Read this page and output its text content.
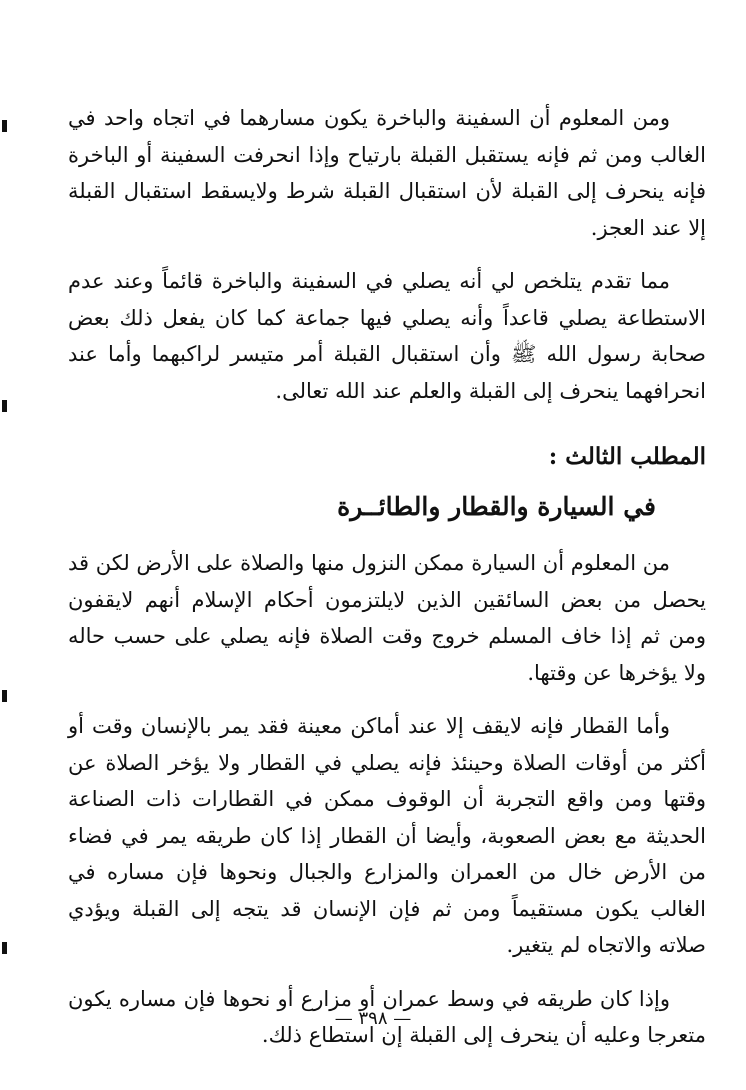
ومن المعلوم أن السفينة والباخرة يكون مسارهما في اتجاه واحد في الغالب ومن ثم فإنه يستقبل القبلة بارتياح وإذا انحرفت السفينة أو الباخرة فإنه ينحرف إلى القبلة لأن استقبال القبلة شرط ولايسقط استقبال القبلة إلا عند العجز.

مما تقدم يتلخص لي أنه يصلي في السفينة والباخرة قائماً وعند عدم الاستطاعة يصلي قاعداً وأنه يصلي فيها جماعة كما كان يفعل ذلك بعض صحابة رسول الله ﷺ وأن استقبال القبلة أمر متيسر لراكبهما وأما عند انحرافهما ينحرف إلى القبلة والعلم عند الله تعالى.

المطلب الثالث :
في السيارة والقطار والطائــرة

من المعلوم أن السيارة ممكن النزول منها والصلاة على الأرض لكن قد يحصل من بعض السائقين الذين لايلتزمون أحكام الإسلام أنهم لايقفون ومن ثم إذا خاف المسلم خروج وقت الصلاة فإنه يصلي على حسب حاله ولا يؤخرها عن وقتها.

وأما القطار فإنه لايقف إلا عند أماكن معينة فقد يمر بالإنسان وقت أو أكثر من أوقات الصلاة وحينئذ فإنه يصلي في القطار ولا يؤخر الصلاة عن وقتها ومن واقع التجربة أن الوقوف ممكن في القطارات ذات الصناعة الحديثة مع بعض الصعوبة، وأيضا أن القطار إذا كان طريقه يمر في فضاء من الأرض خال من العمران والمزارع والجبال ونحوها فإن مساره في الغالب يكون مستقيماً ومن ثم فإن الإنسان قد يتجه إلى القبلة ويؤدي صلاته والاتجاه لم يتغير.

وإذا كان طريقه في وسط عمران أو مزارع أو نحوها فإن مساره يكون متعرجا وعليه أن ينحرف إلى القبلة إن استطاع ذلك.

— ٣٩٨ —
